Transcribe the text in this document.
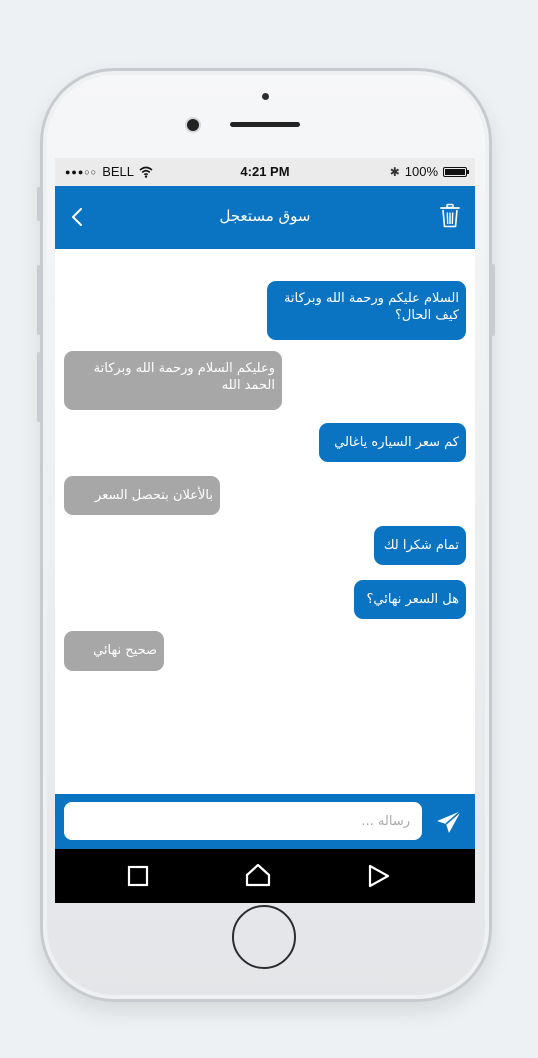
●●●○○ BELL	4:21 PM	✱ 100%
سوق مستعجل
السلام عليكم ورحمة الله وبركاتة
كيف الحال؟
وعليكم السلام ورحمة الله وبركاتة
الحمد الله
كم سعر السياره ياغالي
بالأعلان بتحصل السعر
تمام شكرا لك
هل السعر نهائي؟
صحيح نهائي
رساله ...
